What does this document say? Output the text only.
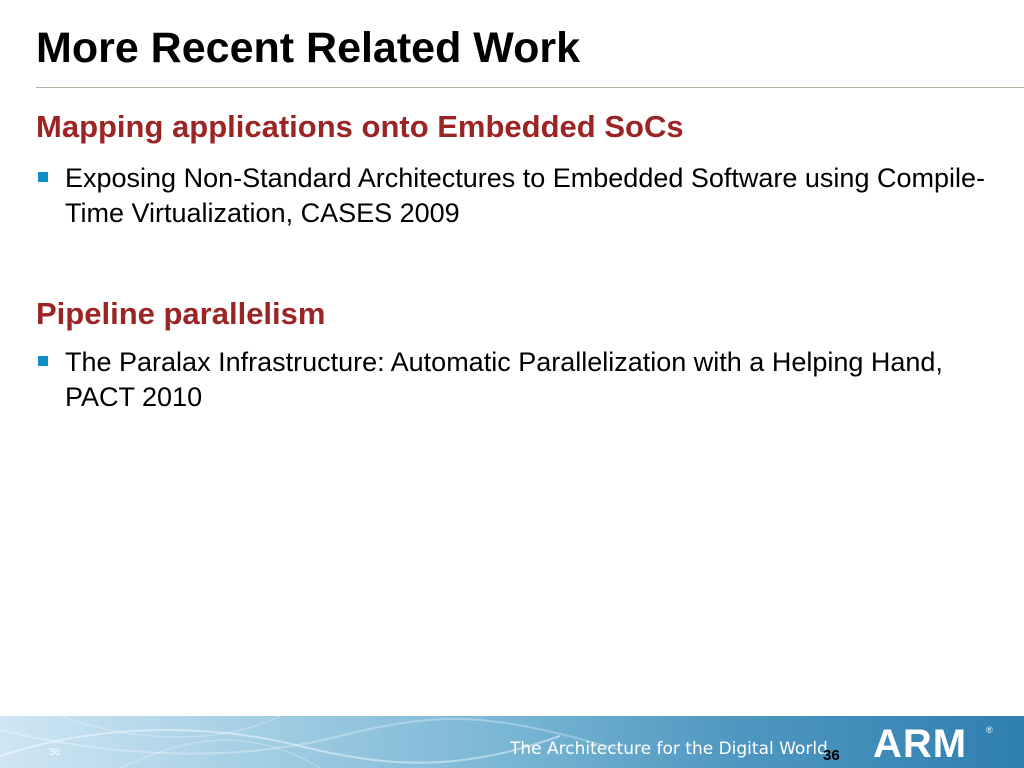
More Recent Related Work
Mapping applications onto Embedded SoCs
Exposing Non-Standard Architectures to Embedded Software using Compile-Time Virtualization, CASES 2009
Pipeline parallelism
The Paralax Infrastructure: Automatic Parallelization with a Helping Hand, PACT 2010
36	The Architecture for the Digital World
36 ARM ®
